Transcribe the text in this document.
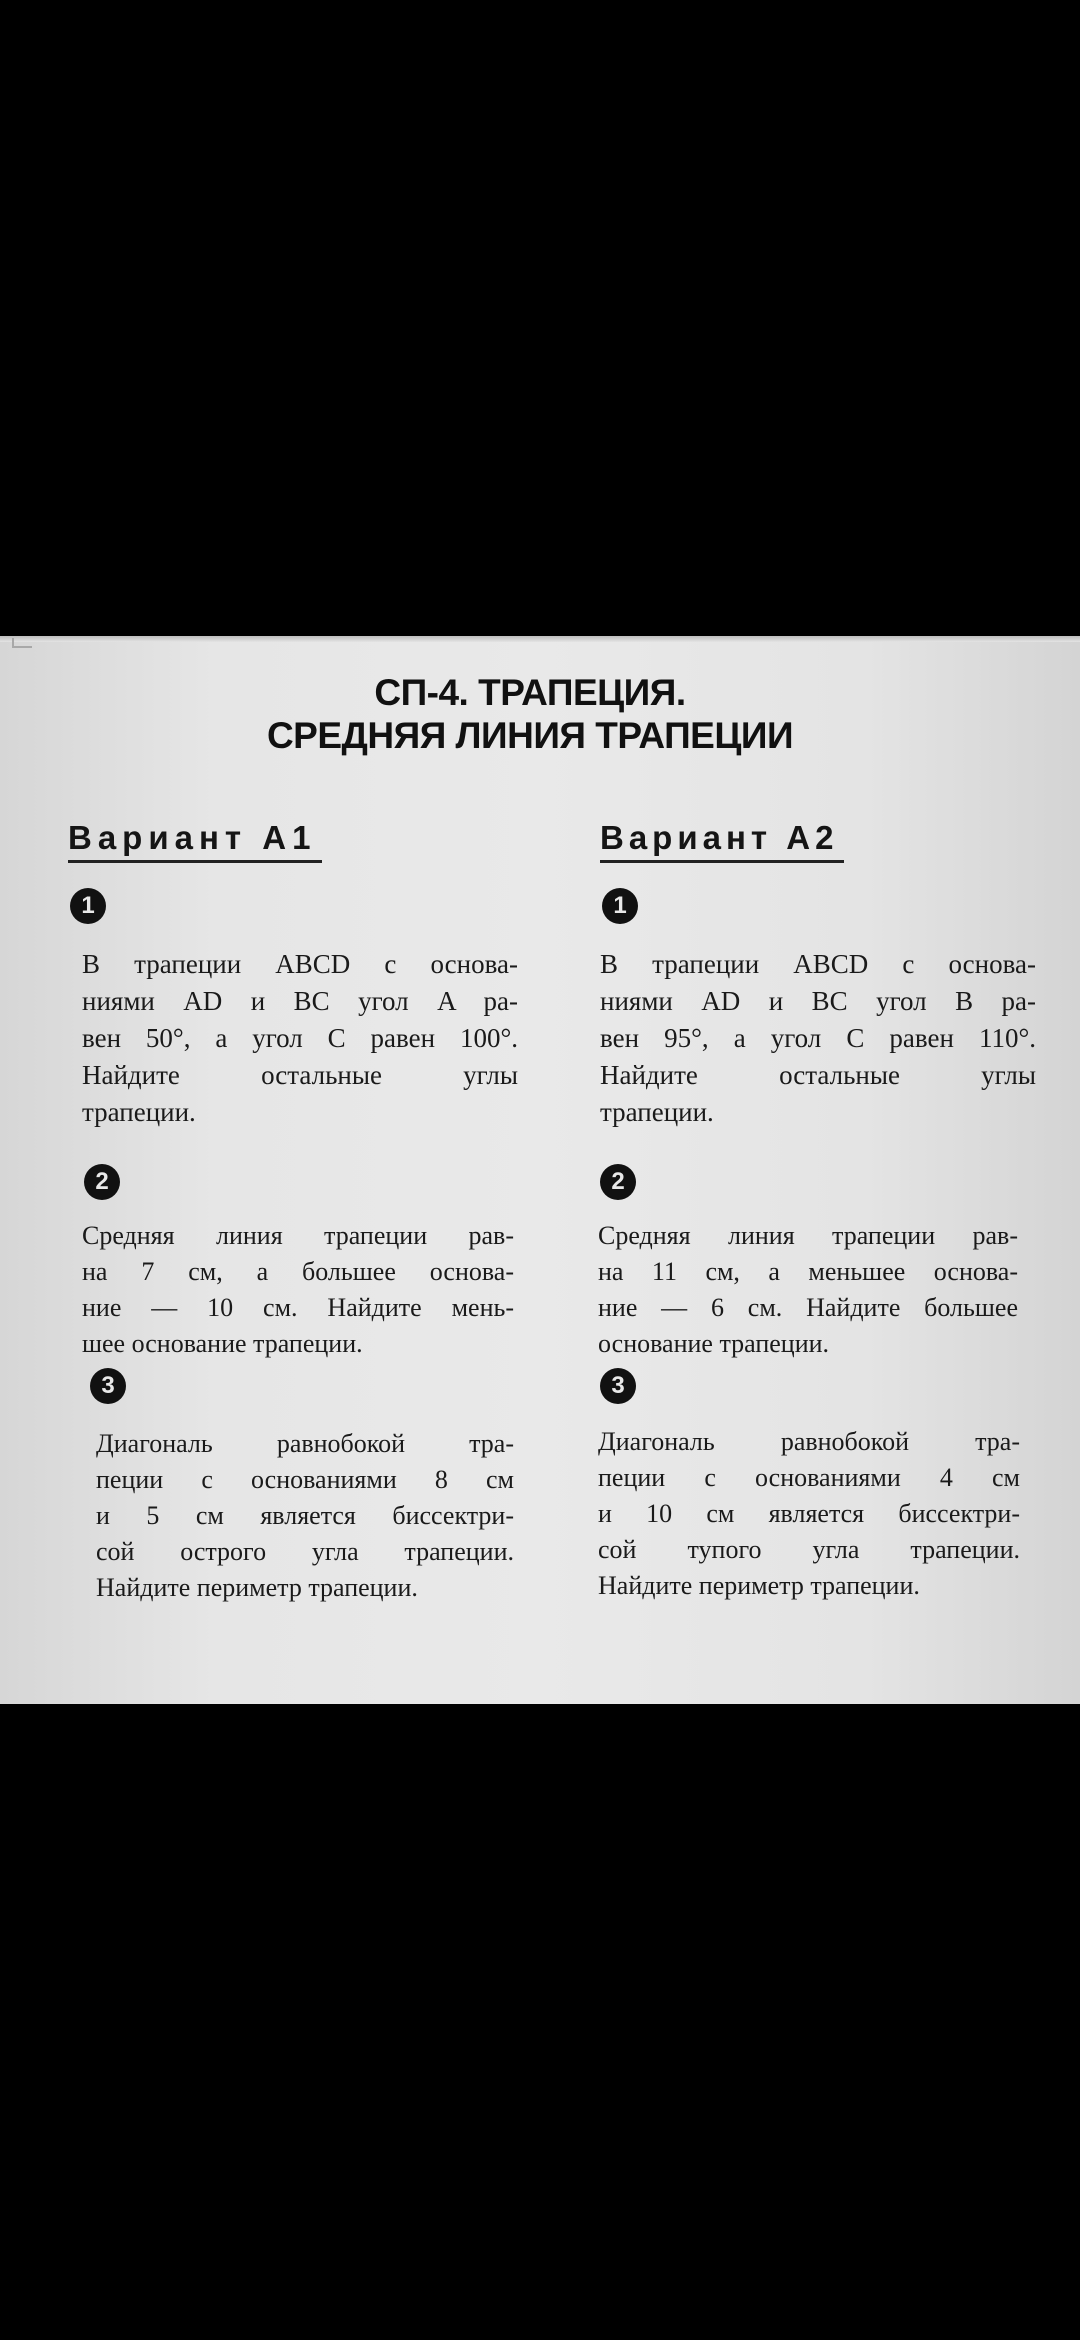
СП-4. ТРАПЕЦИЯ.
СРЕДНЯЯ ЛИНИЯ ТРАПЕЦИИ
Вариант А1
1
В трапеции ABCD с основа-
ниями AD и BC угол A ра-
вен 50°, а угол C равен 100°.
Найдите остальные углы
трапеции.
2
Средняя линия трапеции рав-
на 7 см, а большее основа-
ние — 10 см. Найдите мень-
шее основание трапеции.
3
Диагональ равнобокой тра-
пеции с основаниями 8 см
и 5 см является биссектри-
сой острого угла трапеции.
Найдите периметр трапеции.
Вариант А2
1
В трапеции ABCD с основа-
ниями AD и BC угол B ра-
вен 95°, а угол C равен 110°.
Найдите остальные углы
трапеции.
2
Средняя линия трапеции рав-
на 11 см, а меньшее основа-
ние — 6 см. Найдите большее
основание трапеции.
3
Диагональ равнобокой тра-
пеции с основаниями 4 см
и 10 см является биссектри-
сой тупого угла трапеции.
Найдите периметр трапеции.
